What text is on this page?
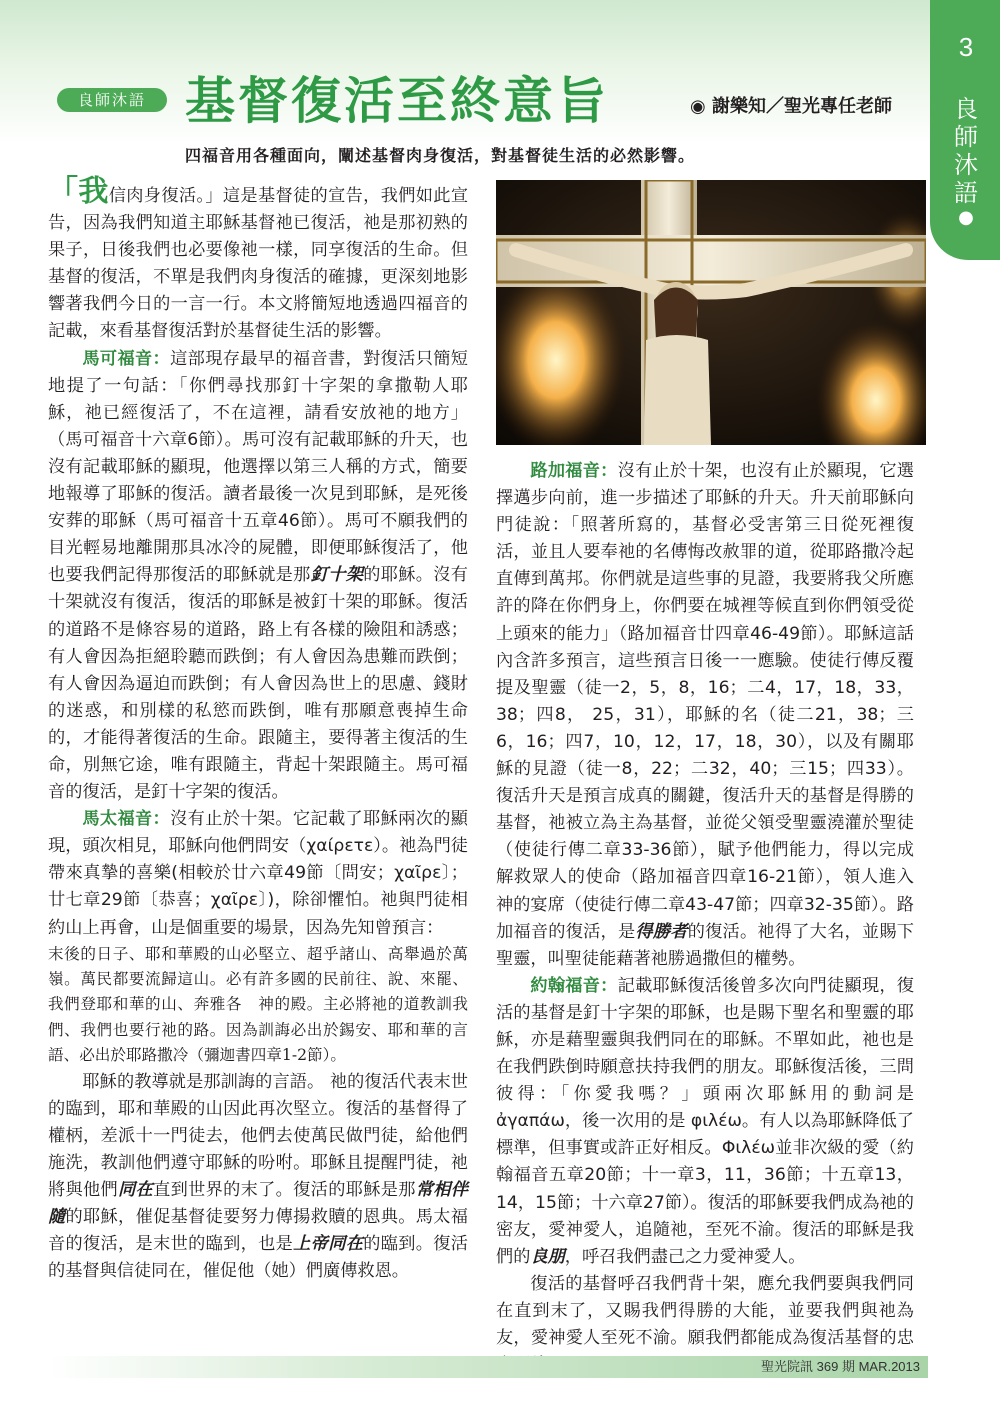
3
良
師
沐
語
●
良師沐語 基督復活至終意旨	◉ 謝樂知／聖光專任老師
四福音用各種面向，闡述基督肉身復活，對基督徒生活的必然影響。

「我信肉身復活。」這是基督徒的宣告，我們如此宣告，因為我們知道主耶穌基督祂已復活，祂是那初熟的果子，日後我們也必要像祂一樣，同享復活的生命。但基督的復活，不單是我們肉身復活的確據，更深刻地影響著我們今日的一言一行。本文將簡短地透過四福音的記載，來看基督復活對於基督徒生活的影響。

馬可福音：這部現存最早的福音書，對復活只簡短地提了一句話：「你們尋找那釘十字架的拿撒勒人耶穌，祂已經復活了，不在這裡，請看安放祂的地方」（馬可福音十六章6節）。馬可沒有記載耶穌的升天，也沒有記載耶穌的顯現，他選擇以第三人稱的方式，簡要地報導了耶穌的復活。讀者最後一次見到耶穌，是死後安葬的耶穌（馬可福音十五章46節）。馬可不願我們的目光輕易地離開那具冰冷的屍體，即便耶穌復活了，他也要我們記得那復活的耶穌就是那釘十架的耶穌。沒有十架就沒有復活，復活的耶穌是被釘十架的耶穌。復活的道路不是條容易的道路，路上有各樣的險阻和誘惑；有人會因為拒絕聆聽而跌倒；有人會因為患難而跌倒；有人會因為逼迫而跌倒；有人會因為世上的思慮、錢財的迷惑，和別樣的私慾而跌倒，唯有那願意喪掉生命的，才能得著復活的生命。跟隨主，要得著主復活的生命，別無它途，唯有跟隨主，背起十架跟隨主。馬可福音的復活，是釘十字架的復活。

馬太福音：沒有止於十架。它記載了耶穌兩次的顯現，頭次相見，耶穌向他們問安（χαίρετε）。祂為門徒帶來真摯的喜樂(相較於廿六章49節〔問安；χαῖρε〕；廿七章29節〔恭喜；χαῖρε〕)，除卻懼怕。祂與門徒相約山上再會，山是個重要的場景，因為先知曾預言：

末後的日子、耶和華殿的山必堅立、超乎諸山、高舉過於萬嶺。萬民都要流歸這山。必有許多國的民前往、說、來罷、我們登耶和華的山、奔雅各　神的殿。主必將祂的道教訓我們、我們也要行祂的路。因為訓誨必出於錫安、耶和華的言語、必出於耶路撒冷（彌迦書四章1-2節）。

耶穌的教導就是那訓誨的言語。 祂的復活代表末世的臨到，耶和華殿的山因此再次堅立。復活的基督得了權柄，差派十一門徒去，他們去使萬民做門徒，給他們施洗，教訓他們遵守耶穌的吩咐。耶穌且提醒門徒，祂將與他們同在直到世界的末了。復活的耶穌是那常相伴隨的耶穌，催促基督徒要努力傳揚救贖的恩典。馬太福音的復活，是末世的臨到，也是上帝同在的臨到。復活的基督與信徒同在，催促他（她）們廣傳救恩。

路加福音：沒有止於十架，也沒有止於顯現，它選擇邁步向前，進一步描述了耶穌的升天。升天前耶穌向門徒說：「照著所寫的，基督必受害第三日從死裡復活，並且人要奉祂的名傳悔改赦罪的道，從耶路撒冷起直傳到萬邦。你們就是這些事的見證，我要將我父所應許的降在你們身上，你們要在城裡等候直到你們領受從上頭來的能力」（路加福音廿四章46-49節）。耶穌這話內含許多預言，這些預言日後一一應驗。使徒行傳反覆提及聖靈（徒一2，5，8，16；二4，17，18，33，38；四8， 25，31），耶穌的名（徒二21，38；三6，16；四7，10，12，17，18，30），以及有關耶穌的見證（徒一8，22；二32，40；三15；四33）。復活升天是預言成真的關鍵，復活升天的基督是得勝的基督，祂被立為主為基督，並從父領受聖靈澆灌於聖徒（使徒行傳二章33-36節），賦予他們能力，得以完成解救眾人的使命（路加福音四章16-21節），領人進入神的宴席（使徒行傳二章43-47節；四章32-35節）。路加福音的復活，是得勝者的復活。祂得了大名，並賜下聖靈，叫聖徒能藉著祂勝過撒但的權勢。

約翰福音：記載耶穌復活後曾多次向門徒顯現，復活的基督是釘十字架的耶穌，也是賜下聖名和聖靈的耶穌，亦是藉聖靈與我們同在的耶穌。不單如此，祂也是在我們跌倒時願意扶持我們的朋友。耶穌復活後，三問彼得：「你愛我嗎？」頭兩次耶穌用的動詞是 ἀγαπάω，後一次用的是 φιλέω。有人以為耶穌降低了標準，但事實或許正好相反。Φιλέω並非次級的愛（約翰福音五章20節；十一章3，11，36節；十五章13，14，15節；十六章27節）。復活的耶穌要我們成為祂的密友，愛神愛人，追隨祂，至死不渝。復活的耶穌是我們的良朋，呼召我們盡己之力愛神愛人。

復活的基督呼召我們背十架，應允我們要與我們同在直到末了，又賜我們得勝的大能，並要我們與祂為友，愛神愛人至死不渝。願我們都能成為復活基督的忠

聖光院訊 369 期 MAR.2013
